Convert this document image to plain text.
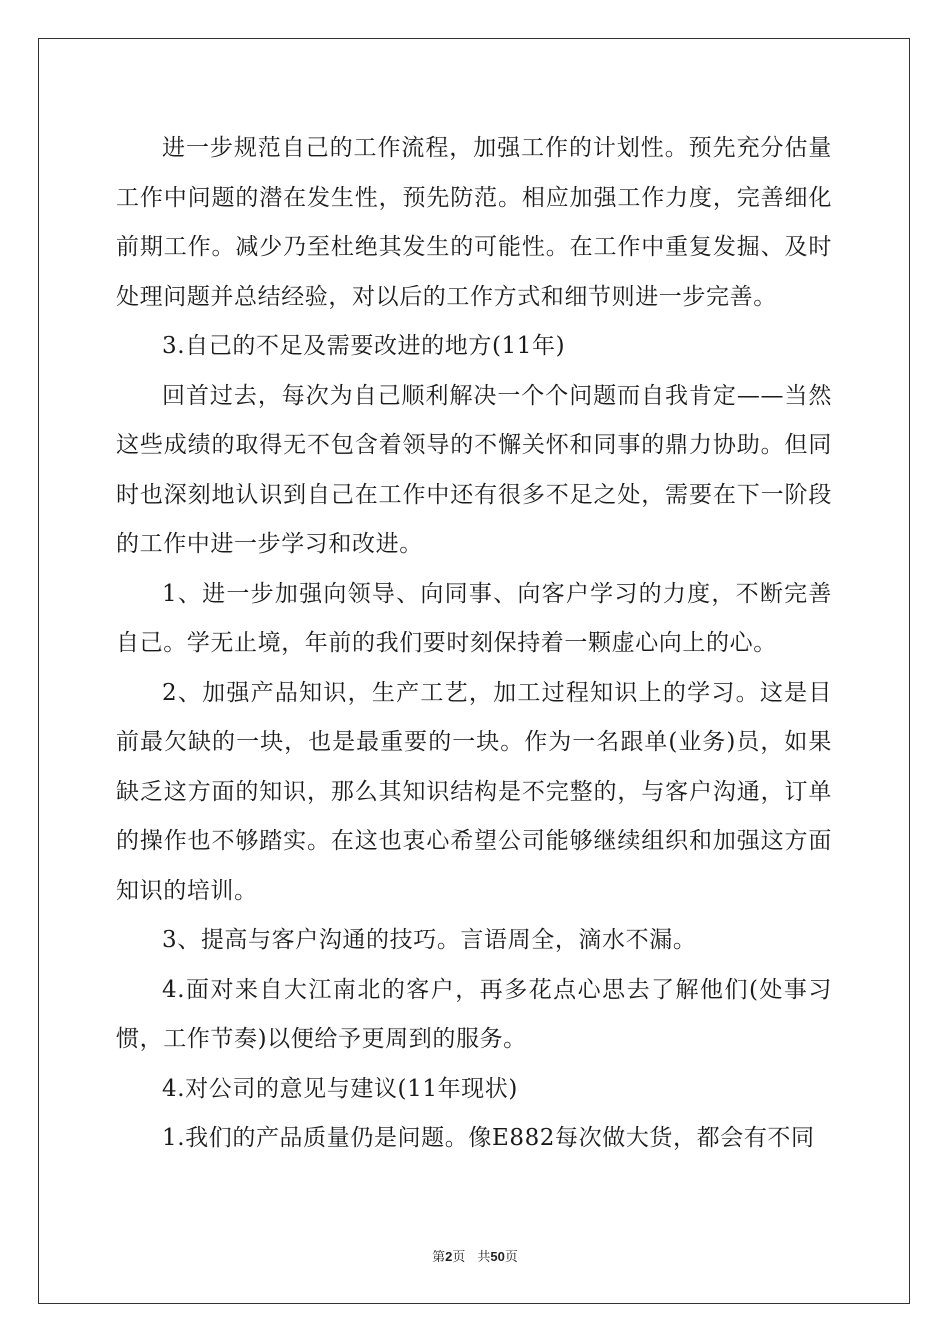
进一步规范自己的工作流程，加强工作的计划性。预先充分估量工作中问题的潜在发生性，预先防范。相应加强工作力度，完善细化前期工作。减少乃至杜绝其发生的可能性。在工作中重复发掘、及时处理问题并总结经验，对以后的工作方式和细节则进一步完善。

3.自己的不足及需要改进的地方(11年)

回首过去，每次为自己顺利解决一个个问题而自我肯定——当然这些成绩的取得无不包含着领导的不懈关怀和同事的鼎力协助。但同时也深刻地认识到自己在工作中还有很多不足之处，需要在下一阶段的工作中进一步学习和改进。

1、进一步加强向领导、向同事、向客户学习的力度，不断完善自己。学无止境，年前的我们要时刻保持着一颗虚心向上的心。

2、加强产品知识，生产工艺，加工过程知识上的学习。这是目前最欠缺的一块，也是最重要的一块。作为一名跟单(业务)员，如果缺乏这方面的知识，那么其知识结构是不完整的，与客户沟通，订单的操作也不够踏实。在这也衷心希望公司能够继续组织和加强这方面知识的培训。

3、提高与客户沟通的技巧。言语周全，滴水不漏。

4.面对来自大江南北的客户，再多花点心思去了解他们(处事习惯，工作节奏)以便给予更周到的服务。

4.对公司的意见与建议(11年现状)

1.我们的产品质量仍是问题。像E882每次做大货，都会有不同

第2页 共50页
